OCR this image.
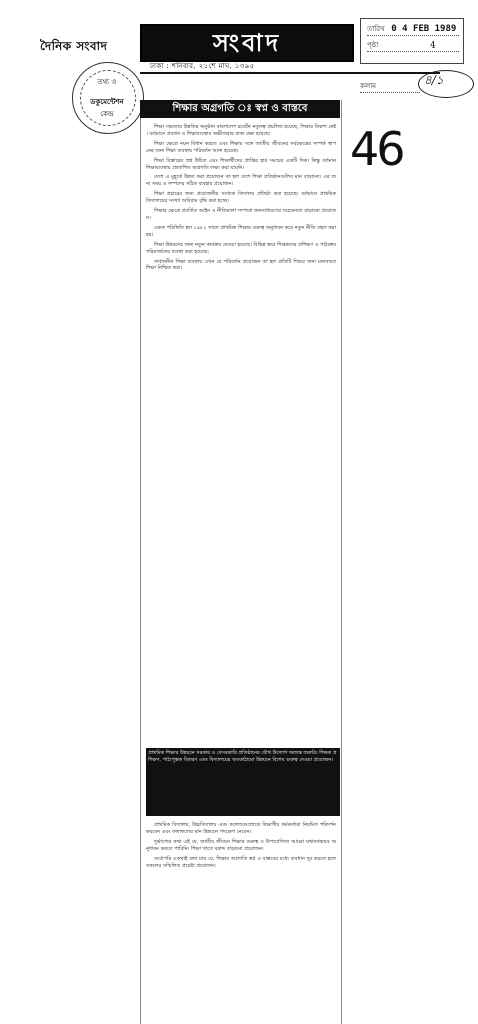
দৈনিক সংবাদ	সংবাদ
ঢাকা : শনিবার, ২১শে মাঘ, ১৩৯৫
তারিখ 0 4 FEB 1989
পৃষ্ঠা	4
কলাম	৪/১
46
তথ্য ও
ডকুমেন্টেশন
কেন্দ্র	শিক্ষার অগ্রগতি ঃ স্বপ্ন ও বাস্তবে

শিক্ষা সভ্যতার উন্নতির অনুষ্ঠান বাংলাদেশ রবের্টন নতুনত্ব প্রচলিত হয়েছে, শিক্ষার বিকাশ নেই। বর্তমানে প্রবর্তন ও শিক্ষাব্যবস্থার অভীজরার বাক্য রক্ষা হয়েছে।

শিক্ষা ক্ষেত্রে নয়ন বিধান করতে এবং শিক্ষার সঙ্গে জাতীয় জীবনের সর্বক্ষেত্রের সম্পর্ক স্থাপনের জন্য শিক্ষা ব্যবস্থায় পরিবর্তন আনা হয়েছে।

শিক্ষা বিস্তারের প্রশ্ন উচিত এবং শিক্ষার্থীদের প্রাপ্তির হার সময়ের একটি দিক। কিন্তু বর্তমান শিক্ষাব্যবস্থায় প্রত্যাশিত অগ্রগতি লক্ষ্য করা যায়নি।

দেশে এ মুহূর্তে উন্নত করা প্রয়োজন তা হল দেশে শিক্ষা প্রতিষ্ঠানগুলির মান বাড়ানো। এর জন্য সময় ও সম্পদের সঠিক ব্যবহার প্রয়োজন।

শিক্ষা প্রচারের জন্য প্রয়োজনীয় সংখ্যক বিদ্যালয় প্রতিষ্ঠা করা হয়েছে। বর্তমানে প্রাথমিক বিদ্যালয়ের সংখ্যা অবিরাম বৃদ্ধি করা হচ্ছে।

শিক্ষার ক্ষেত্রে প্রবর্তিত আইন ও নীতিমালা সম্পর্কে জনসাধারণের সচেতনতা বাড়ানো প্রয়োজন।

একক পরিস্থিতি হল ১৯৮২ সালে প্রাথমিক শিক্ষার গুরুত্ব অনুধাবন করে নতুন নীতি গ্রহণ করা হয়।

শিক্ষা উন্নয়নের জন্য নতুন কার্যক্রম নেওয়া হয়েছে। বিভিন্ন স্তরে শিক্ষকদের প্রশিক্ষণ ও পাঠ্যক্রম পরিমার্জনের ব্যবস্থা করা হয়েছে।

সার্বজনীন শিক্ষা ব্যবস্থায় এখন যে পরিবর্তন প্রয়োজন তা হল প্রতিটি শিশুর জন্য মানসম্মত শিক্ষা নিশ্চিত করা।

প্রাথমিক শিক্ষার উন্নয়নে সরকার ও বেসরকারি প্রতিষ্ঠানের যৌথ উদ্যোগ অত্যন্ত জরুরি। শিক্ষক প্রশিক্ষণ, পাঠ্যপুস্তক বিতরণ এবং বিদ্যালয়ের অবকাঠামো উন্নয়নে বিশেষ গুরুত্ব দেওয়া প্রয়োজন।

প্রাথমিক বিদ্যালয়, উচ্চবিদ্যালয় এবং কলেজগুলোতে বিভাগীয় কর্মকর্তারা নিয়মিত পরিদর্শন করবেন এবং ফলাফলের মান উন্নয়নে পদক্ষেপ নেবেন।

দুর্ভাগ্যের কথা এই যে, জাতীয় জীবনে শিক্ষার গুরুত্ব ও উপযোগিতা আমরা যথাযথভাবে অনুধাবন করতে পারিনি। শিক্ষা খাতে বরাদ্দ বাড়ানো প্রয়োজন।

সর্বোপরি একথাই বলা যায় যে, শিক্ষার অগ্রগতি স্বপ্ন ও বাস্তবের মধ্যে ব্যবধান দূর করতে হলে সকলের সম্মিলিত প্রচেষ্টা প্রয়োজন।
